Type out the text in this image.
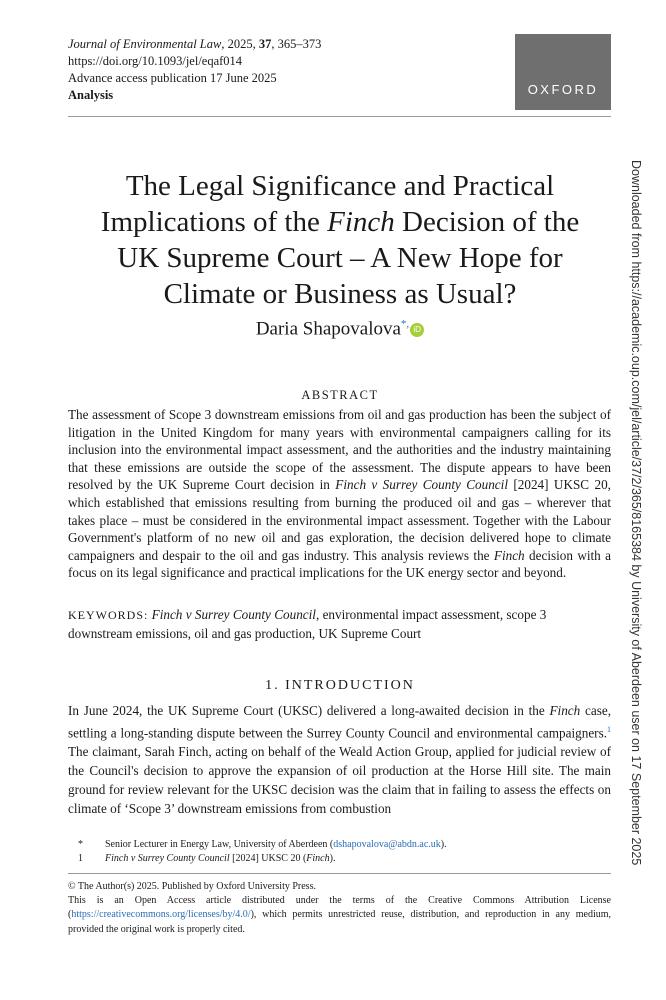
Journal of Environmental Law, 2025, 37, 365–373
https://doi.org/10.1093/jel/eqaf014
Advance access publication 17 June 2025
Analysis	OXFORD
The Legal Significance and Practical
Implications of the Finch Decision of the
UK Supreme Court – A New Hope for
Climate or Business as Usual?
Daria Shapovalova*, iD
ABSTRACT
The assessment of Scope 3 downstream emissions from oil and gas production has been the subject of litigation in the United Kingdom for many years with environmental campaigners calling for its inclusion into the environmental impact assessment, and the authorities and the industry maintaining that these emissions are outside the scope of the assessment. The dispute appears to have been resolved by the UK Supreme Court decision in Finch v Surrey County Council [2024] UKSC 20, which established that emissions resulting from burning the produced oil and gas – wherever that takes place – must be considered in the environmental impact assessment. Together with the Labour Government's platform of no new oil and gas exploration, the decision delivered hope to climate campaigners and despair to the oil and gas industry. This analysis reviews the Finch decision with a focus on its legal significance and practical implications for the UK energy sector and beyond.
KEYWORDS: Finch v Surrey County Council, environmental impact assessment, scope 3 downstream emissions, oil and gas production, UK Supreme Court
1. INTRODUCTION
In June 2024, the UK Supreme Court (UKSC) delivered a long-awaited decision in the Finch case, settling a long-standing dispute between the Surrey County Council and environmental campaigners.$^1$ The claimant, Sarah Finch, acting on behalf of the Weald Action Group, applied for judicial review of the Council's decision to approve the expansion of oil production at the Horse Hill site. The main ground for review relevant for the UKSC decision was the claim that in failing to assess the effects on climate of ‘Scope 3’ downstream emissions from combustion
*	Senior Lecturer in Energy Law, University of Aberdeen (dshapovalova@abdn.ac.uk).
1	Finch v Surrey County Council [2024] UKSC 20 (Finch).
© The Author(s) 2025. Published by Oxford University Press.
This is an Open Access article distributed under the terms of the Creative Commons Attribution License (https://creativecommons.org/licenses/by/4.0/), which permits unrestricted reuse, distribution, and reproduction in any medium, provided the original work is properly cited.
Downloaded from https://academic.oup.com/jel/article/37/2/365/8165384 by University of Aberdeen user on 17 September 2025
